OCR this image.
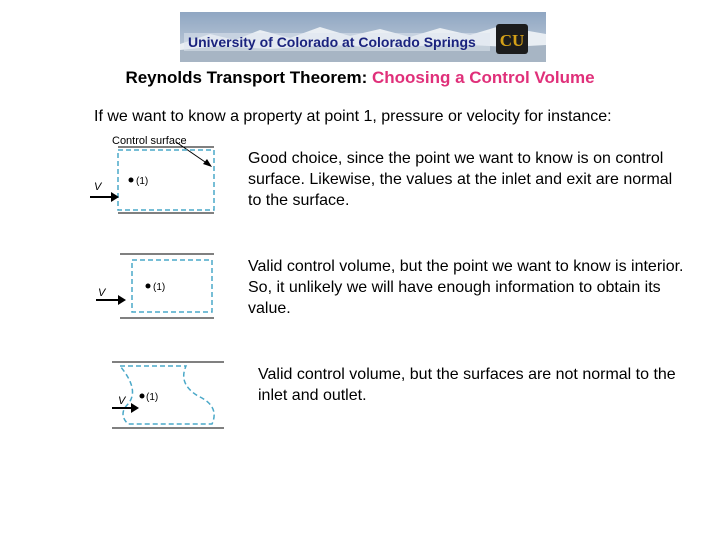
University of Colorado at Colorado Springs CU
Reynolds Transport Theorem: Choosing a Control Volume
If we want to know a property at point 1, pressure or velocity for instance:
Control surface
V	(1)
Good choice, since the point we want to know is on control surface. Likewise, the values at the inlet and exit are normal to the surface.
V	(1)
Valid control volume, but the point we want to know is interior. So, it unlikely we will have enough information to obtain its value.
V (1)
Valid control volume, but the surfaces are not normal to the inlet and outlet.
